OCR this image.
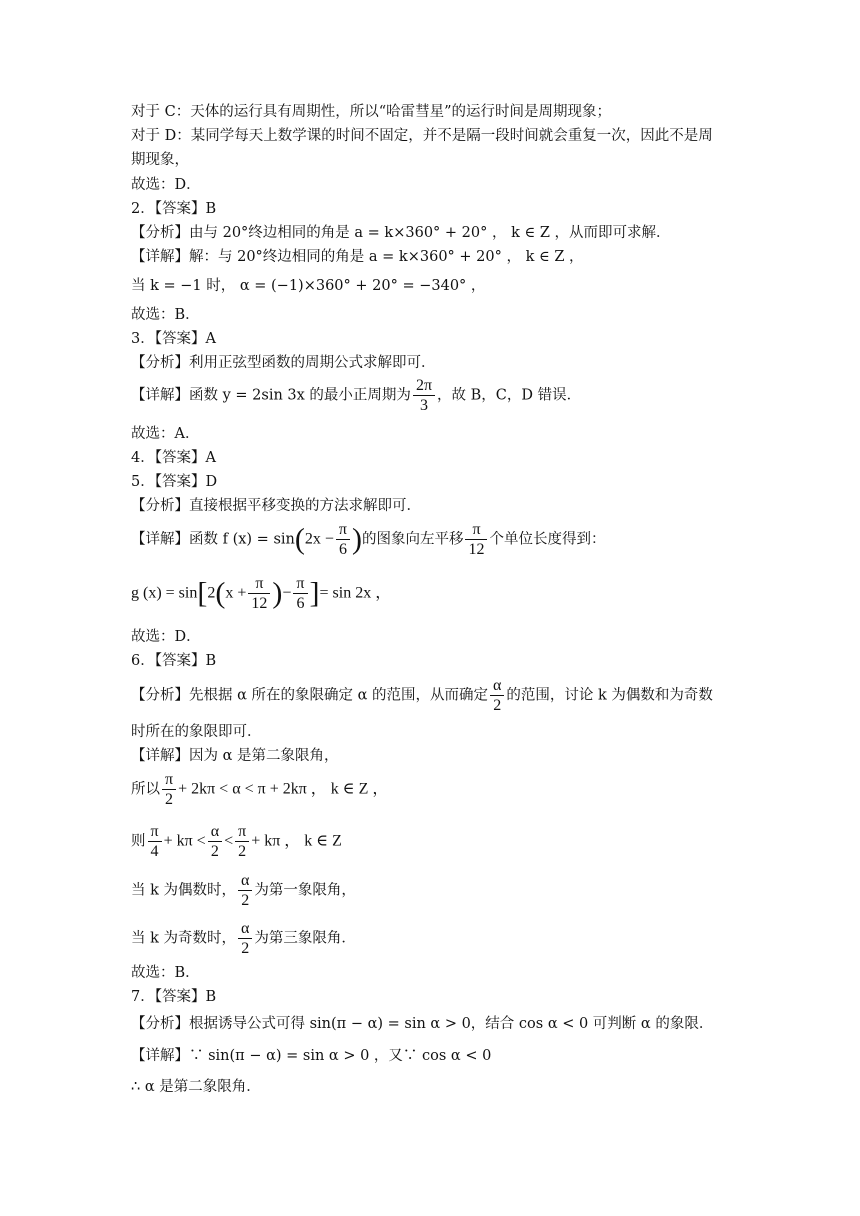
对于 C：天体的运行具有周期性，所以“哈雷彗星”的运行时间是周期现象；
对于 D：某同学每天上数学课的时间不固定，并不是隔一段时间就会重复一次，因此不是周
期现象，
故选：D．
2．【答案】B
【分析】由与 20°终边相同的角是 a = k×360° + 20° ， k ∈ Z ，从而即可求解．
【详解】解：与 20°终边相同的角是 a = k×360° + 20° ， k ∈ Z ，
当 k = −1 时， α = (−1)×360° + 20° = −340° ，
故选：B．
3．【答案】A
【分析】利用正弦型函数的周期公式求解即可．
【详解】函数 y = 2sin 3x 的最小正周期为 $\frac{2\pi}{3}$ ，故 B，C，D 错误．
故选：A．
4．【答案】A
5．【答案】D
【分析】直接根据平移变换的方法求解即可．
【详解】函数 f $(x) = \sin(2x - \frac{\pi}{6}$ )的图象向左平移 $\frac{\pi}{12}$ 个单位长度得到：
g $(x) = \sin[2(x + \frac{\pi}{12}$ )− $\frac{\pi}{6}$ ]= sin 2x ，
故选：D．
6．【答案】B
【分析】先根据 α 所在的象限确定 α 的范围，从而确定 $\frac{\alpha}{2}$ 的范围，讨论 k 为偶数和为奇数
时所在的象限即可．
【详解】因为 α 是第二象限角，
所以 $\frac{\pi}{2} + 2k\pi < \alpha < \pi + 2k\pi$ ， k ∈ Z ，
则 $\frac{\pi}{4} + k\pi < \frac{\alpha}{2} < \frac{\pi}{2} + k\pi$ ， k ∈ Z
当 k 为偶数时， $\frac{\alpha}{2}$ 为第一象限角，
当 k 为奇数时， $\frac{\alpha}{2}$ 为第三象限角．
故选：B．
7．【答案】B
【分析】根据诱导公式可得 sin(π − α) = sin α > 0，结合 cos α < 0 可判断 α 的象限．
【详解】∵ sin(π − α) = sin α > 0 ，又∵ cos α < 0
∴ α 是第二象限角．
